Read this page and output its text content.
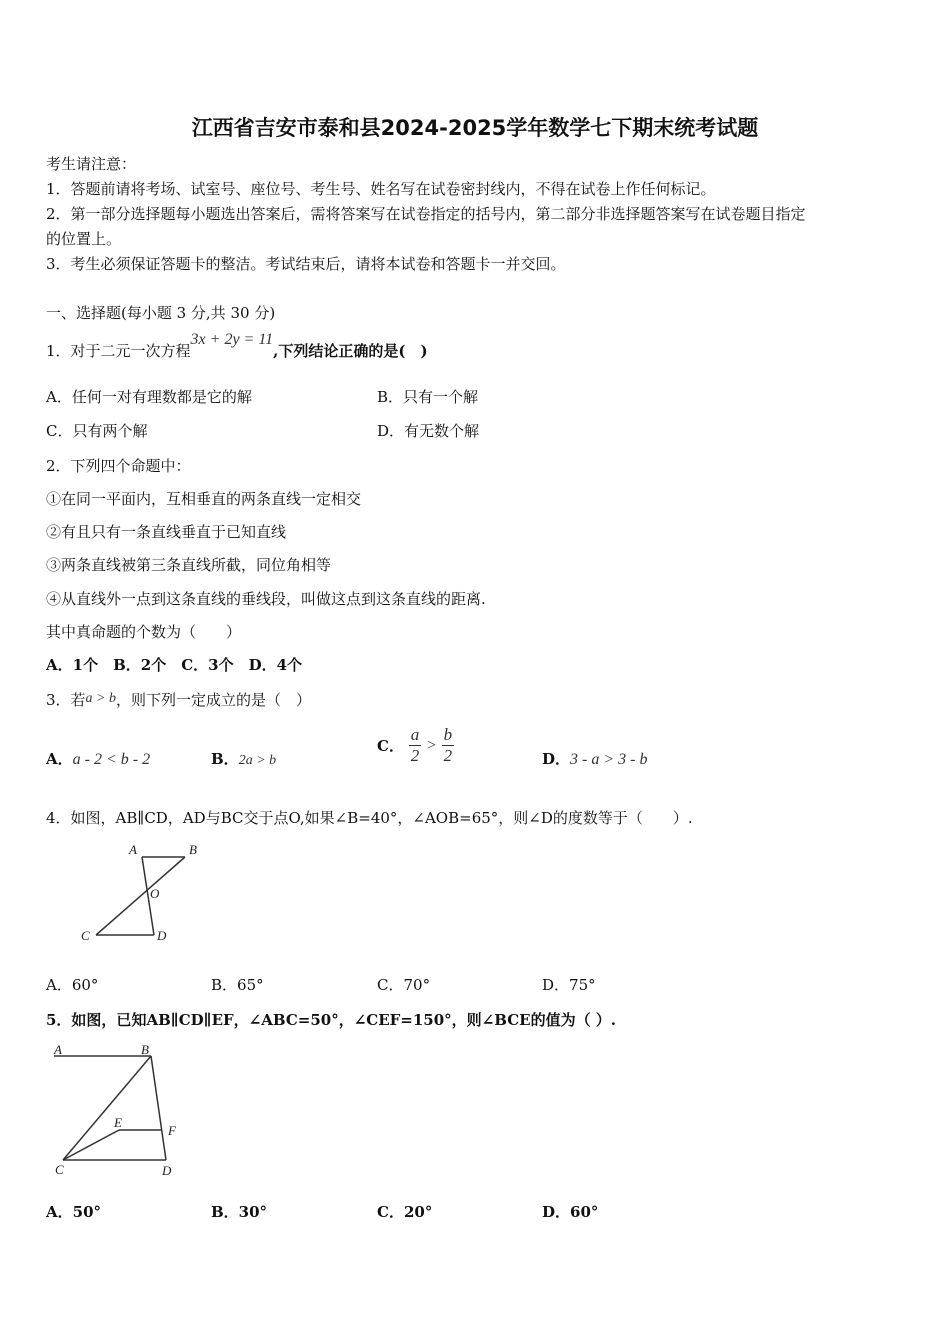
江西省吉安市泰和县2024-2025学年数学七下期末统考试题
考生请注意：
1．答题前请将考场、试室号、座位号、考生号、姓名写在试卷密封线内，不得在试卷上作任何标记。
2．第一部分选择题每小题选出答案后，需将答案写在试卷指定的括号内，第二部分非选择题答案写在试卷题目指定
的位置上。
3．考生必须保证答题卡的整洁。考试结束后，请将本试卷和答题卡一并交回。
一、选择题(每小题 3 分,共 30 分)
1．对于二元一次方程3x + 2y = 11,下列结论正确的是(　)
A．任何一对有理数都是它的解	B．只有一个解
C．只有两个解	D．有无数个解
2．下列四个命题中：
①在同一平面内，互相垂直的两条直线一定相交
②有且只有一条直线垂直于已知直线
③两条直线被第三条直线所截，同位角相等
④从直线外一点到这条直线的垂线段，叫做这点到这条直线的距离.
其中真命题的个数为（　　）
A．1个　B．2个　C．3个　D．4个
3．若a > b，则下列一定成立的是（　）
A．a - 2 < b - 2	B．2a > b
C． $\frac{a}{2} > \frac{b}{2}$	D．3 - a > 3 - b
4．如图，AB∥CD，AD与BC交于点O,如果∠B=40°，∠AOB=65°，则∠D的度数等于（　　）.
A	B
O
C	D
A．60°	B．65°	C．70°	D．75°
5．如图，已知AB∥CD∥EF，∠ABC=50°，∠CEF=150°，则∠BCE的值为（ ）.
A	B
E
F
C	D
A．50°	B．30°	C．20°	D．60°
